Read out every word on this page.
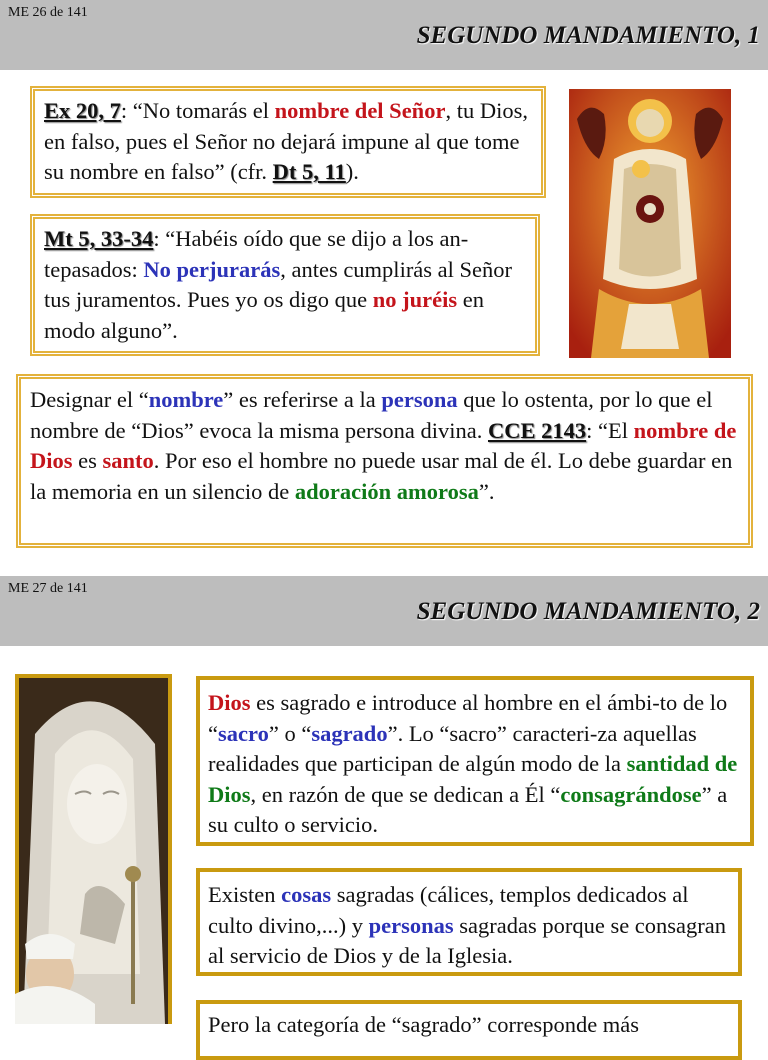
ME 26 de 141
SEGUNDO MANDAMIENTO, 1
Ex 20, 7: “No tomarás el nombre del Señor, tu Dios, en falso, pues el Señor no dejará impune al que tome su nombre en falso” (cfr. Dt 5, 11).
Mt 5, 33-34: “Habéis oído que se dijo a los an-tepasados: No perjurarás, antes cumplirás al Señor tus juramentos. Pues yo os digo que no juréis en modo alguno”.
Designar el “nombre” es referirse a la persona que lo ostenta, por lo que el nombre de “Dios” evoca la misma persona divina. CCE 2143: “El nombre de Dios es santo. Por eso el hombre no puede usar mal de él. Lo debe guardar en la memoria en un silencio de adoración amorosa”.
ME 27 de 141
SEGUNDO MANDAMIENTO, 2
Dios es sagrado e introduce al hombre en el ámbi-to de lo “sacro” o “sagrado”. Lo “sacro” caracteri-za aquellas realidades que participan de algún modo de la santidad de Dios, en razón de que se dedican a Él “consagrándose” a su culto o servicio.
Existen cosas sagradas (cálices, templos dedicados al culto divino,...) y personas sagradas porque se consagran al servicio de Dios y de la Iglesia.
Pero la categoría de “sagrado” corresponde más
